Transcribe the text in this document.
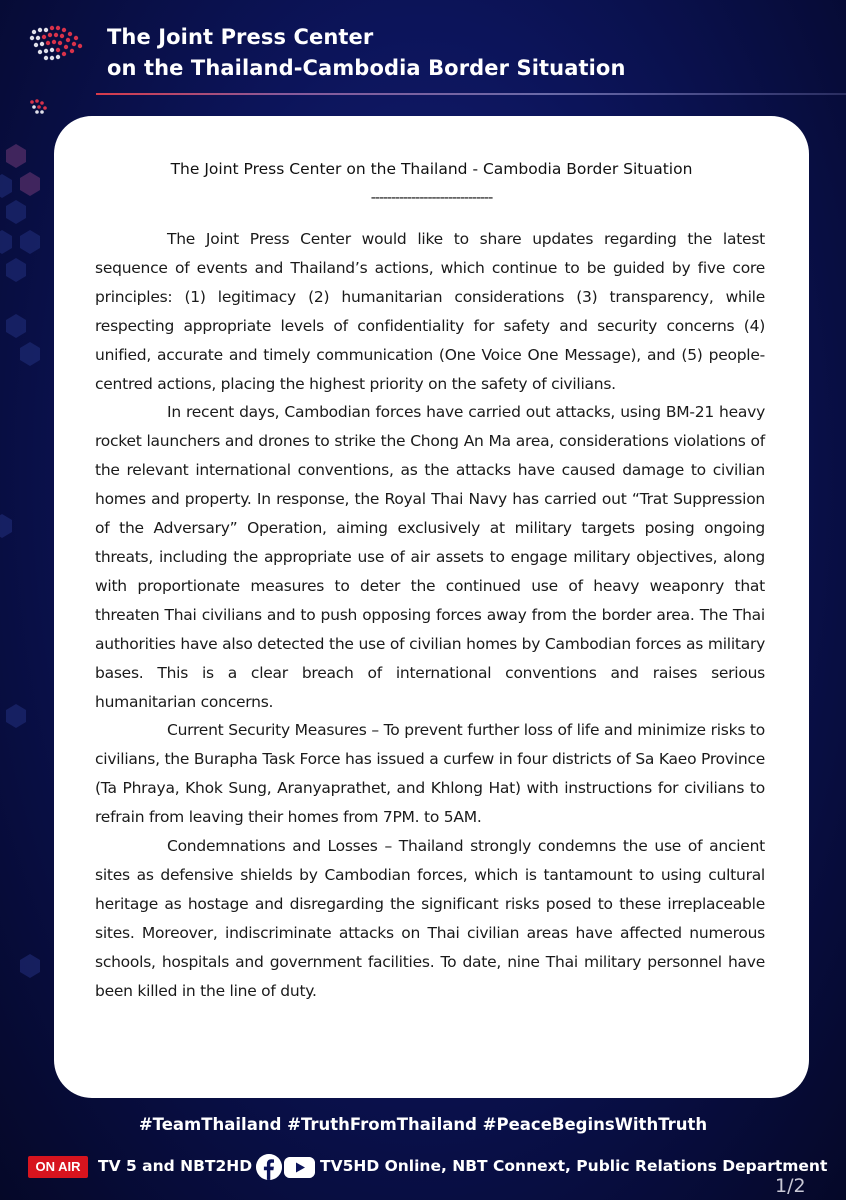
The Joint Press Center
on the Thailand-Cambodia Border Situation
The Joint Press Center on the Thailand - Cambodia Border Situation
------------------------------

The Joint Press Center would like to share updates regarding the latest sequence of events and Thailand’s actions, which continue to be guided by five core principles: (1) legitimacy (2) humanitarian considerations (3) transparency, while respecting appropriate levels of confidentiality for safety and security concerns (4) unified, accurate and timely communication (One Voice One Message), and (5) people-centred actions, placing the highest priority on the safety of civilians.

In recent days, Cambodian forces have carried out attacks, using BM-21 heavy rocket launchers and drones to strike the Chong An Ma area, considerations violations of the relevant international conventions, as the attacks have caused damage to civilian homes and property. In response, the Royal Thai Navy has carried out “Trat Suppression of the Adversary” Operation, aiming exclusively at military targets posing ongoing threats, including the appropriate use of air assets to engage military objectives, along with proportionate measures to deter the continued use of heavy weaponry that threaten Thai civilians and to push opposing forces away from the border area. The Thai authorities have also detected the use of civilian homes by Cambodian forces as military bases. This is a clear breach of international conventions and raises serious humanitarian concerns.

Current Security Measures – To prevent further loss of life and minimize risks to civilians, the Burapha Task Force has issued a curfew in four districts of Sa Kaeo Province (Ta Phraya, Khok Sung, Aranyaprathet, and Khlong Hat) with instructions for civilians to refrain from leaving their homes from 7PM. to 5AM.

Condemnations and Losses – Thailand strongly condemns the use of ancient sites as defensive shields by Cambodian forces, which is tantamount to using cultural heritage as hostage and disregarding the significant risks posed to these irreplaceable sites. Moreover, indiscriminate attacks on Thai civilian areas have affected numerous schools, hospitals and government facilities. To date, nine Thai military personnel have been killed in the line of duty.

#TeamThailand #TruthFromThailand #PeaceBeginsWithTruth
ON AIR	TV 5 and NBT2HD	TV5HD Online, NBT Connext, Public Relations Department
1/2
